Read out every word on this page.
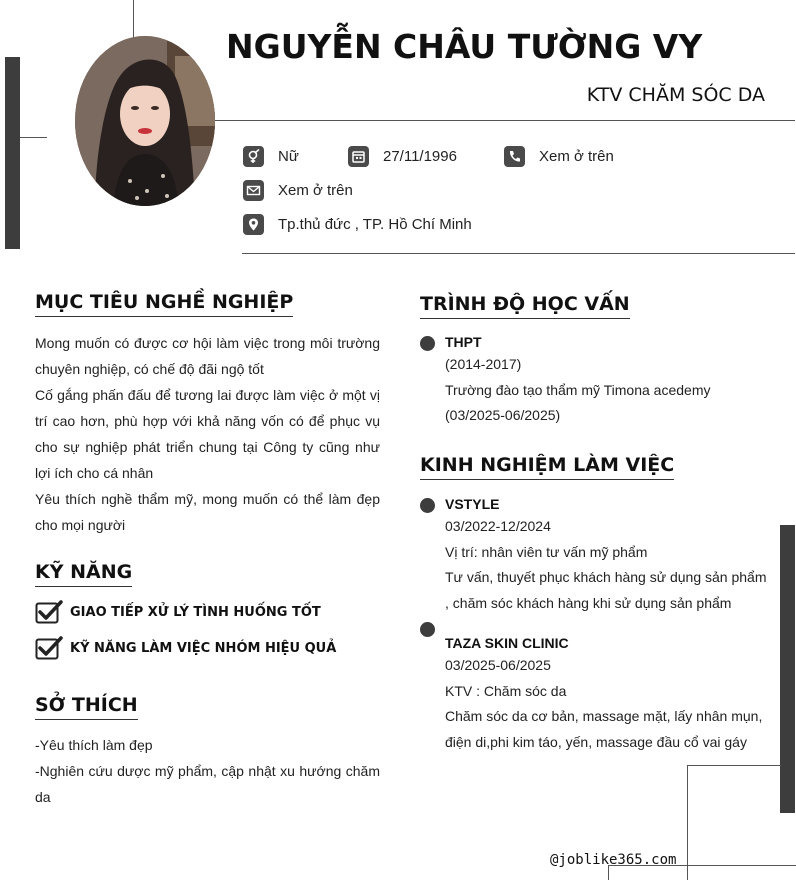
NGUYỄN CHÂU TƯỜNG VY
KTV CHĂM SÓC DA
Nữ	27/11/1996	Xem ở trên
Xem ở trên
Tp.thủ đức , TP. Hồ Chí Minh
MỤC TIÊU NGHỀ NGHIỆP

Mong muốn có được cơ hội làm việc trong môi trường chuyên nghiệp, có chế độ đãi ngộ tốt

Cố gắng phấn đấu để tương lai được làm việc ở một vị trí cao hơn, phù hợp với khả năng vốn có để phục vụ cho sự nghiệp phát triển chung tại Công ty cũng như lợi ích cho cá nhân

Yêu thích nghề thẩm mỹ, mong muốn có thể làm đẹp cho mọi người

KỸ NĂNG
GIAO TIẾP XỬ LÝ TÌNH HUỐNG TỐT
KỸ NĂNG LÀM VIỆC NHÓM HIỆU QUẢ
SỞ THÍCH

-Yêu thích làm đẹp

-Nghiên cứu dược mỹ phẩm, cập nhật xu hướng chăm da

TRÌNH ĐỘ HỌC VẤN
THPT
(2014-2017)
Trường đào tạo thẩm mỹ Timona acedemy
(03/2025-06/2025)
KINH NGHIỆM LÀM VIỆC
VSTYLE
03/2022-12/2024
Vị trí: nhân viên tư vấn mỹ phẩm
Tư vấn, thuyết phục khách hàng sử dụng sản phẩm
, chăm sóc khách hàng khi sử dụng sản phẩm
TAZA SKIN CLINIC
03/2025-06/2025
KTV : Chăm sóc da
Chăm sóc da cơ bản, massage mặt, lấy nhân mụn,
điện di,phi kim táo, yến, massage đầu cổ vai gáy
@joblike365.com
